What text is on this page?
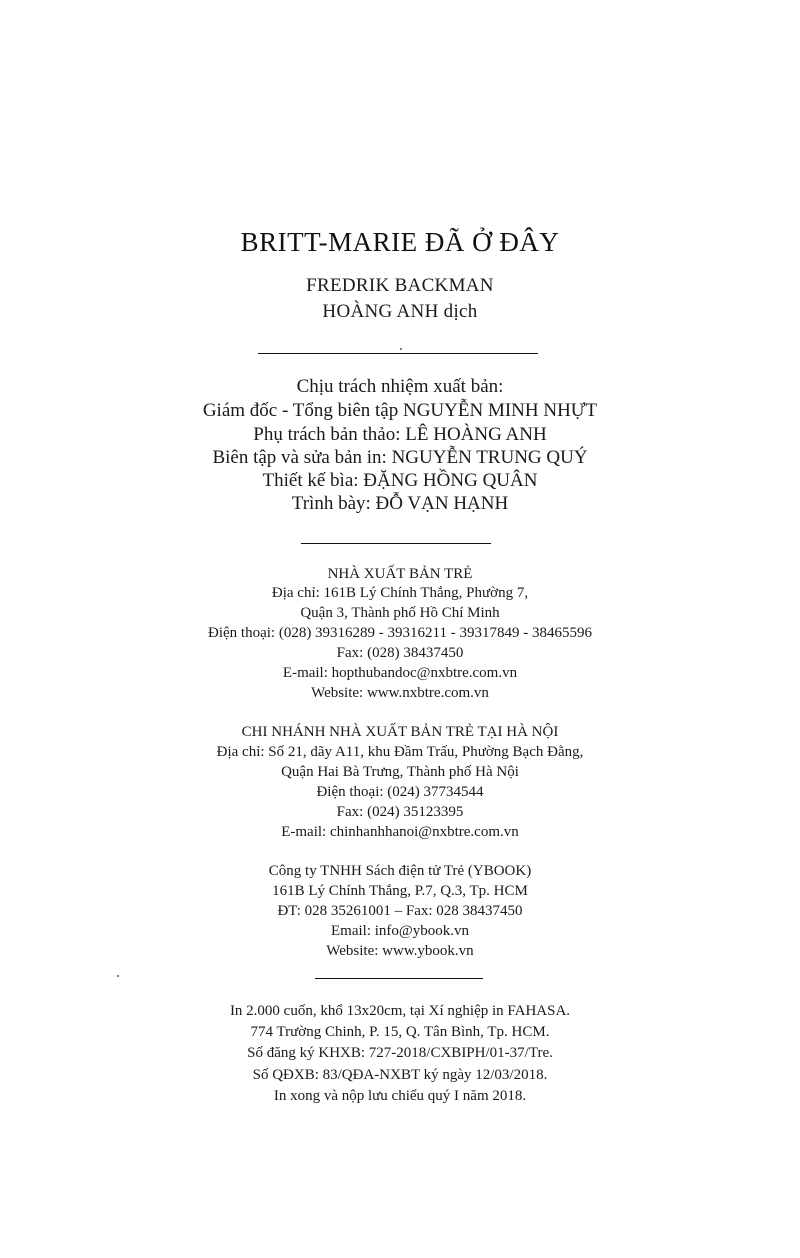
BRITT-MARIE ĐÃ Ở ĐÂY
FREDRIK BACKMAN
HOÀNG ANH dịch
Chịu trách nhiệm xuất bản:
Giám đốc - Tổng biên tập NGUYỄN MINH NHỰT
Phụ trách bản thảo: LÊ HOÀNG ANH
Biên tập và sửa bản in: NGUYỄN TRUNG QUÝ
Thiết kế bìa: ĐẶNG HỒNG QUÂN
Trình bày: ĐỖ VẠN HẠNH
NHÀ XUẤT BẢN TRẺ
Địa chỉ: 161B Lý Chính Thắng, Phường 7,
Quận 3, Thành phố Hồ Chí Minh
Điện thoại: (028) 39316289 - 39316211 - 39317849 - 38465596
Fax: (028) 38437450
E-mail: hopthubandoc@nxbtre.com.vn
Website: www.nxbtre.com.vn
CHI NHÁNH NHÀ XUẤT BẢN TRẺ TẠI HÀ NỘI
Địa chỉ: Số 21, dãy A11, khu Đầm Trấu, Phường Bạch Đằng,
Quận Hai Bà Trưng, Thành phố Hà Nội
Điện thoại: (024) 37734544
Fax: (024) 35123395
E-mail: chinhanhhanoi@nxbtre.com.vn
Công ty TNHH Sách điện tử Trẻ (YBOOK)
161B Lý Chính Thắng, P.7, Q.3, Tp. HCM
ĐT: 028 35261001 – Fax: 028 38437450
Email: info@ybook.vn
Website: www.ybook.vn
In 2.000 cuốn, khổ 13x20cm, tại Xí nghiệp in FAHASA.
774 Trường Chinh, P. 15, Q. Tân Bình, Tp. HCM.
Số đăng ký KHXB: 727-2018/CXBIPH/01-37/Tre.
Số QĐXB: 83/QĐA-NXBT ký ngày 12/03/2018.
In xong và nộp lưu chiểu quý I năm 2018.
